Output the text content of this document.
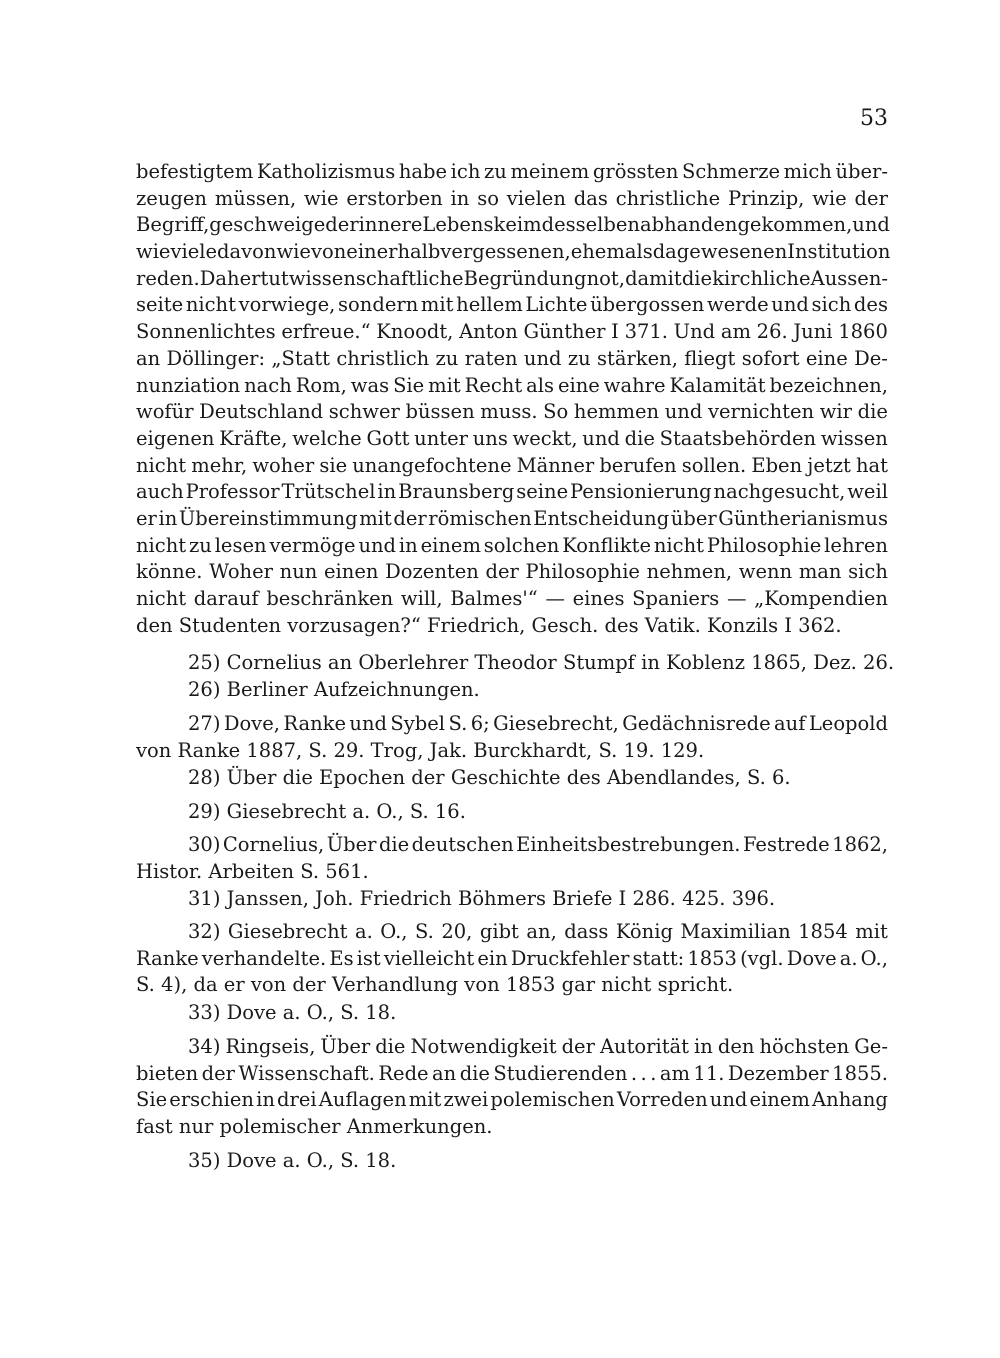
53
befestigtem Katholizismus habe ich zu meinem grössten Schmerze mich über-
zeugen müssen, wie erstorben in so vielen das christliche Prinzip, wie der
Begriff, geschweige der innere Lebenskeim desselben abhanden gekommen, und
wie viele davon wie von einer halbvergessenen, ehemals dagewesenen Institution
reden. Daher tut wissenschaftliche Begründung not, damit die kirchliche Aussen-
seite nicht vorwiege, sondern mit hellem Lichte übergossen werde und sich des
Sonnenlichtes erfreue.“ Knoodt, Anton Günther I 371. Und am 26. Juni 1860
an Döllinger: „Statt christlich zu raten und zu stärken, fliegt sofort eine De-
nunziation nach Rom, was Sie mit Recht als eine wahre Kalamität bezeichnen,
wofür Deutschland schwer büssen muss. So hemmen und vernichten wir die
eigenen Kräfte, welche Gott unter uns weckt, und die Staatsbehörden wissen
nicht mehr, woher sie unangefochtene Männer berufen sollen. Eben jetzt hat
auch Professor Trütschel in Braunsberg seine Pensionierung nachgesucht, weil
er in Übereinstimmung mit der römischen Entscheidung über Güntherianismus
nicht zu lesen vermöge und in einem solchen Konflikte nicht Philosophie lehren
könne. Woher nun einen Dozenten der Philosophie nehmen, wenn man sich
nicht darauf beschränken will, Balmes'“ — eines Spaniers — „Kompendien
den Studenten vorzusagen?“ Friedrich, Gesch. des Vatik. Konzils I 362.
25) Cornelius an Oberlehrer Theodor Stumpf in Koblenz 1865, Dez. 26.
26) Berliner Aufzeichnungen.
27) Dove, Ranke und Sybel S. 6; Giesebrecht, Gedächnisrede auf Leopold
von Ranke 1887, S. 29. Trog, Jak. Burckhardt, S. 19. 129.
28) Über die Epochen der Geschichte des Abendlandes, S. 6.
29) Giesebrecht a. O., S. 16.
30) Cornelius, Über die deutschen Einheitsbestrebungen. Festrede 1862,
Histor. Arbeiten S. 561.
31) Janssen, Joh. Friedrich Böhmers Briefe I 286. 425. 396.
32) Giesebrecht a. O., S. 20, gibt an, dass König Maximilian 1854 mit
Ranke verhandelte. Es ist vielleicht ein Druckfehler statt: 1853 (vgl. Dove a. O.,
S. 4), da er von der Verhandlung von 1853 gar nicht spricht.
33) Dove a. O., S. 18.
34) Ringseis, Über die Notwendigkeit der Autorität in den höchsten Ge-
bieten der Wissenschaft. Rede an die Studierenden . . . am 11. Dezember 1855.
Sie erschien in drei Auflagen mit zwei polemischen Vorreden und einem Anhang
fast nur polemischer Anmerkungen.
35) Dove a. O., S. 18.
